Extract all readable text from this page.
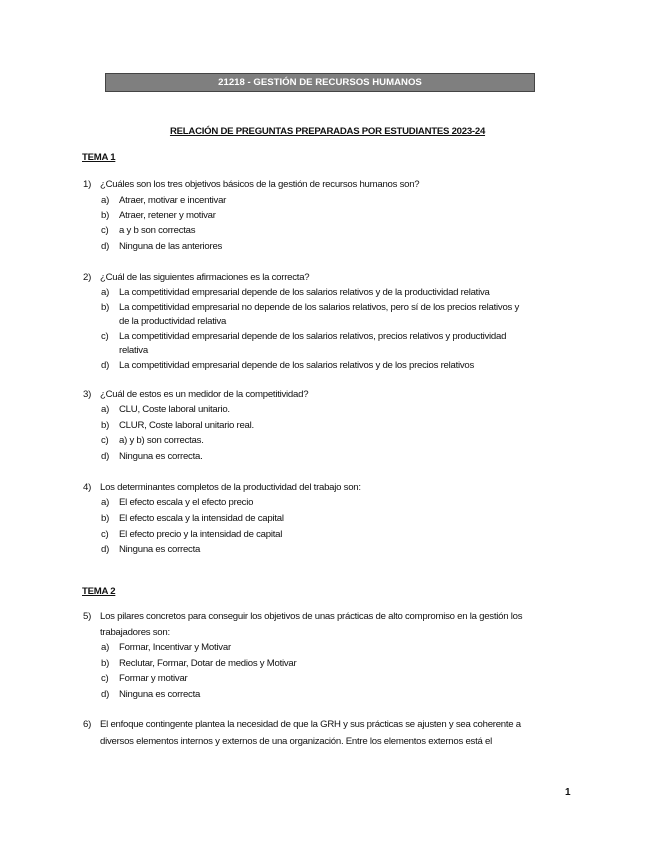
21218 - GESTIÓN DE RECURSOS HUMANOS
RELACIÓN DE PREGUNTAS PREPARADAS POR ESTUDIANTES 2023-24
TEMA 1
1) ¿Cuáles son los tres objetivos básicos de la gestión de recursos humanos son?
a) Atraer, motivar e incentivar
b) Atraer, retener y motivar
c) a y b son correctas
d) Ninguna de las anteriores
2) ¿Cuál de las siguientes afirmaciones es la correcta?
a) La competitividad empresarial depende de los salarios relativos y de la productividad relativa
b) La competitividad empresarial no depende de los salarios relativos, pero sí de los precios relativos y
de la productividad relativa
c) La competitividad empresarial depende de los salarios relativos, precios relativos y productividad
relativa
d) La competitividad empresarial depende de los salarios relativos y de los precios relativos
3) ¿Cuál de estos es un medidor de la competitividad?
a) CLU, Coste laboral unitario.
b) CLUR, Coste laboral unitario real.
c) a) y b) son correctas.
d) Ninguna es correcta.
4) Los determinantes completos de la productividad del trabajo son:
a) El efecto escala y el efecto precio
b) El efecto escala y la intensidad de capital
c) El efecto precio y la intensidad de capital
d) Ninguna es correcta
TEMA 2
5) Los pilares concretos para conseguir los objetivos de unas prácticas de alto compromiso en la gestión los
trabajadores son:
a) Formar, Incentivar y Motivar
b) Reclutar, Formar, Dotar de medios y Motivar
c) Formar y motivar
d) Ninguna es correcta
6) El enfoque contingente plantea la necesidad de que la GRH y sus prácticas se ajusten y sea coherente a
diversos elementos internos y externos de una organización. Entre los elementos externos está el
1
